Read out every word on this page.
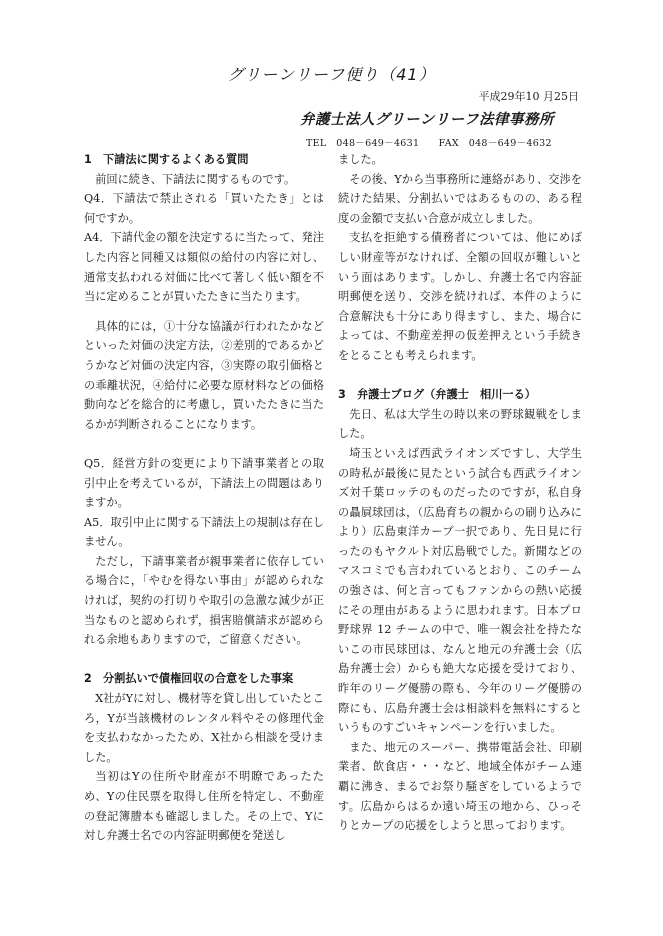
グリーンリーフ便り（41）
平成29年10 月25日
弁護士法人グリーンリーフ法律事務所
TEL　048－649－4631 FAX　048－649－4632
1　下請法に関するよくある質問

前回に続き、下請法に関するものです。

Q4．下請法で禁止される「買いたたき」とは何ですか。

A4．下請代金の額を決定するに当たって、発注した内容と同種又は類似の給付の内容に対し、通常支払われる対価に比べて著しく低い額を不当に定めることが買いたたきに当たります。

具体的には，①十分な協議が行われたかなどといった対価の決定方法，②差別的であるかどうかなど対価の決定内容，③実際の取引価格との乖離状況，④給付に必要な原材料などの価格動向などを総合的に考慮し，買いたたきに当たるかが判断されることになります。

Q5．経営方針の変更により下請事業者との取引中止を考えているが，下請法上の問題はありますか。

A5．取引中止に関する下請法上の規制は存在しません。

ただし，下請事業者が親事業者に依存している場合に，「やむを得ない事由」が認められなければ，契約の打切りや取引の急激な減少が正当なものと認められず，損害賠償請求が認められる余地もありますので，ご留意ください。

2　分割払いで債権回収の合意をした事案

X社がYに対し、機材等を貸し出していたところ，Yが当該機材のレンタル料やその修理代金を支払わなかったため、X社から相談を受けました。

当初はYの住所や財産が不明瞭であったため、Yの住民票を取得し住所を特定し、不動産の登記簿謄本も確認しました。その上で、Yに対し弁護士名での内容証明郵便を発送し

ました。

その後、Yから当事務所に連絡があり、交渉を続けた結果、分割払いではあるものの、ある程度の金額で支払い合意が成立しました。

支払を拒絶する債務者については、他にめぼしい財産等がなければ、全額の回収が難しいという面はあります。しかし、弁護士名で内容証明郵便を送り、交渉を続ければ、本件のように合意解決も十分にあり得ますし、また、場合によっては、不動産差押の仮差押えという手続きをとることも考えられます。

3　弁護士ブログ（弁護士　相川一る）

先日、私は大学生の時以来の野球観戦をしました。

埼玉といえば西武ライオンズですし、大学生の時私が最後に見たという試合も西武ライオンズ対千葉ロッテのものだったのですが，私自身の贔屓球団は，（広島育ちの親からの刷り込みにより）広島東洋カープ一択であり、先日見に行ったのもヤクルト対広島戦でした。新聞などのマスコミでも言われているとおり、このチームの強さは、何と言ってもファンからの熱い応援にその理由があるように思われます。日本プロ野球界 12 チームの中で、唯一親会社を持たないこの市民球団は、なんと地元の弁護士会（広島弁護士会）からも絶大な応援を受けており、昨年のリーグ優勝の際も、今年のリーグ優勝の際にも、広島弁護士会は相談料を無料にするというものすごいキャンペーンを行いました。

また、地元のスーパー、携帯電話会社、印刷業者、飲食店・・・など、地域全体がチーム連覇に沸き、まるでお祭り騒ぎをしているようです。広島からはるか遠い埼玉の地から、ひっそりとカープの応援をしようと思っております。
